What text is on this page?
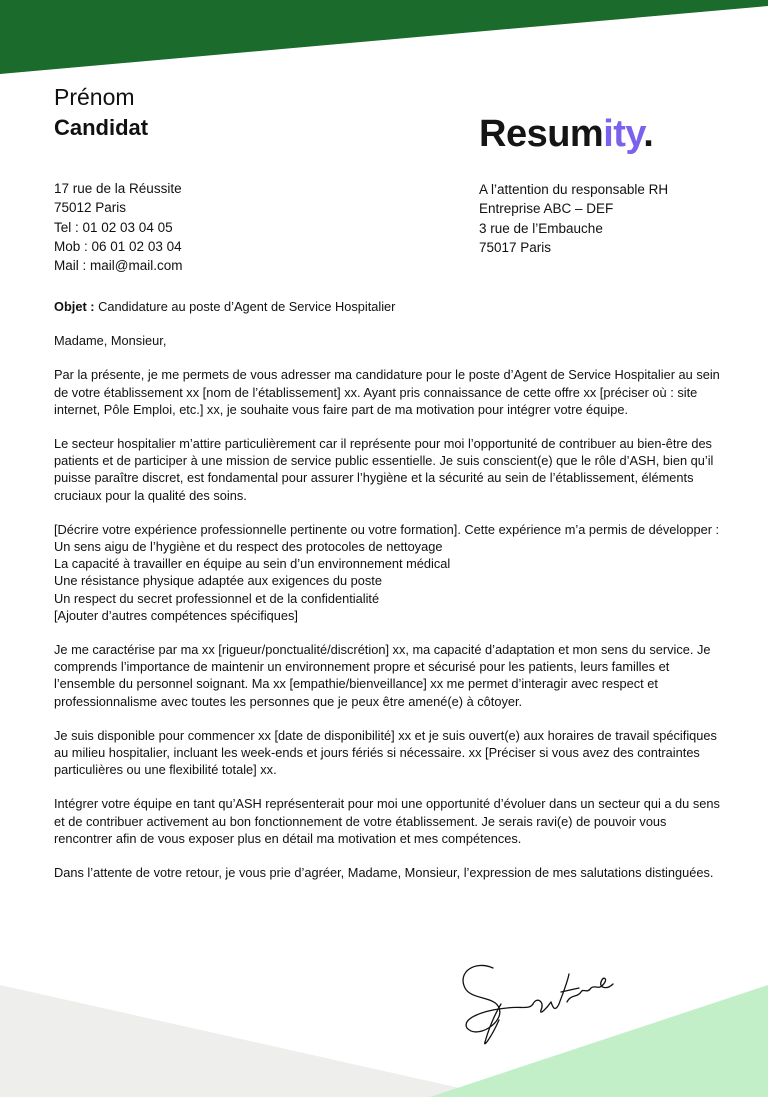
Prénom
Candidat	Resumity.
17 rue de la Réussite
75012 Paris
Tel : 01 02 03 04 05
Mob : 06 01 02 03 04
Mail : mail@mail.com
A l’attention du responsable RH
Entreprise ABC – DEF
3 rue de l’Embauche
75017 Paris

Objet : Candidature au poste d’Agent de Service Hospitalier

Madame, Monsieur,

Par la présente, je me permets de vous adresser ma candidature pour le poste d’Agent de Service Hospitalier au sein de votre établissement xx [nom de l’établissement] xx. Ayant pris connaissance de cette offre xx [préciser où : site internet, Pôle Emploi, etc.] xx, je souhaite vous faire part de ma motivation pour intégrer votre équipe.

Le secteur hospitalier m’attire particulièrement car il représente pour moi l’opportunité de contribuer au bien-être des patients et de participer à une mission de service public essentielle. Je suis conscient(e) que le rôle d’ASH, bien qu’il puisse paraître discret, est fondamental pour assurer l’hygiène et la sécurité au sein de l’établissement, éléments cruciaux pour la qualité des soins.

[Décrire votre expérience professionnelle pertinente ou votre formation]. Cette expérience m’a permis de développer :
Un sens aigu de l’hygiène et du respect des protocoles de nettoyage
La capacité à travailler en équipe au sein d’un environnement médical
Une résistance physique adaptée aux exigences du poste
Un respect du secret professionnel et de la confidentialité
[Ajouter d’autres compétences spécifiques]

Je me caractérise par ma xx [rigueur/ponctualité/discrétion] xx, ma capacité d’adaptation et mon sens du service. Je comprends l’importance de maintenir un environnement propre et sécurisé pour les patients, leurs familles et l’ensemble du personnel soignant. Ma xx [empathie/bienveillance] xx me permet d’interagir avec respect et professionnalisme avec toutes les personnes que je peux être amené(e) à côtoyer.

Je suis disponible pour commencer xx [date de disponibilité] xx et je suis ouvert(e) aux horaires de travail spécifiques au milieu hospitalier, incluant les week-ends et jours fériés si nécessaire. xx [Préciser si vous avez des contraintes particulières ou une flexibilité totale] xx.

Intégrer votre équipe en tant qu’ASH représenterait pour moi une opportunité d’évoluer dans un secteur qui a du sens et de contribuer activement au bon fonctionnement de votre établissement. Je serais ravi(e) de pouvoir vous rencontrer afin de vous exposer plus en détail ma motivation et mes compétences.

Dans l’attente de votre retour, je vous prie d’agréer, Madame, Monsieur, l’expression de mes salutations distinguées.
